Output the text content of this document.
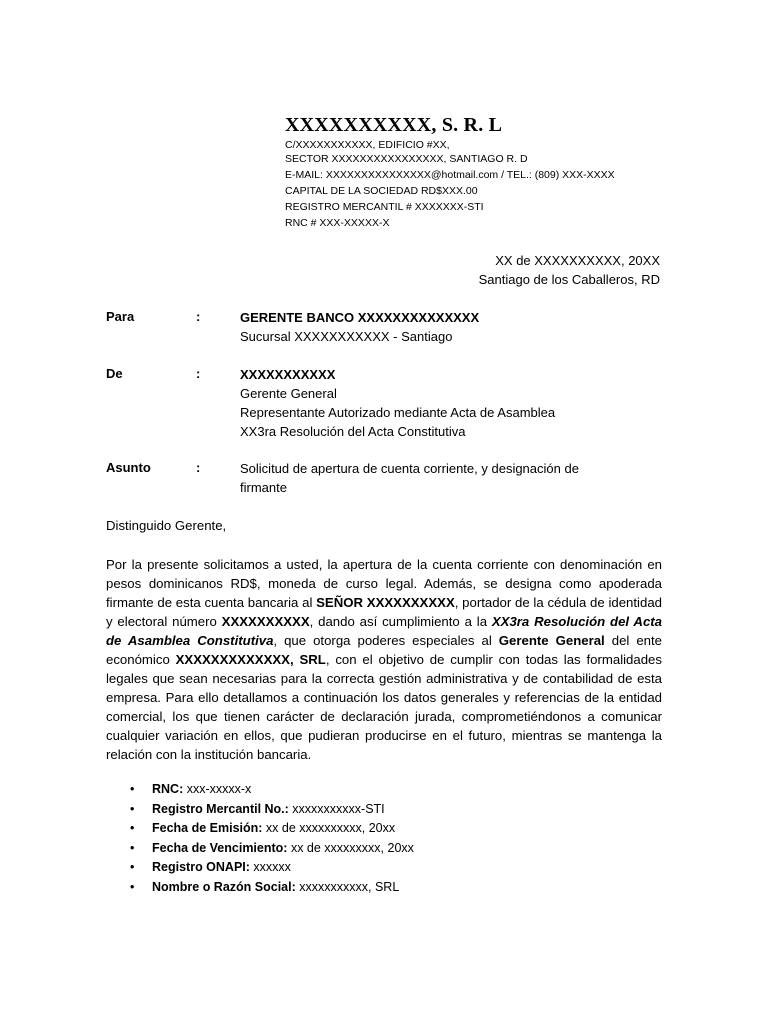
XXXXXXXXXX, S. R. L
C/XXXXXXXXXXX, EDIFICIO #XX,
SECTOR XXXXXXXXXXXXXXXX, SANTIAGO R. D
E-MAIL: XXXXXXXXXXXXXXX@hotmail.com / TEL.: (809) XXX-XXXX
CAPITAL DE LA SOCIEDAD RD$XXX.00
REGISTRO MERCANTIL # XXXXXXX-STI
RNC # XXX-XXXXX-X
XX de XXXXXXXXXX, 20XX
Santiago de los Caballeros, RD
Para	:	GERENTE BANCO XXXXXXXXXXXXXX
Sucursal XXXXXXXXXXX - Santiago
De	:	XXXXXXXXXXX
Gerente General
Representante Autorizado mediante Acta de Asamblea
XX3ra Resolución del Acta Constitutiva
Asunto	:	Solicitud de apertura de cuenta corriente, y designación de
firmante
Distinguido Gerente,
Por la presente solicitamos a usted, la apertura de la cuenta corriente con denominación en pesos dominicanos RD$, moneda de curso legal. Además, se designa como apoderada firmante de esta cuenta bancaria al SEÑOR XXXXXXXXXX, portador de la cédula de identidad y electoral número XXXXXXXXXX, dando así cumplimiento a la XX3ra Resolución del Acta de Asamblea Constitutiva, que otorga poderes especiales al Gerente General del ente económico XXXXXXXXXXXXX, SRL, con el objetivo de cumplir con todas las formalidades legales que sean necesarias para la correcta gestión administrativa y de contabilidad de esta empresa. Para ello detallamos a continuación los datos generales y referencias de la entidad comercial, los que tienen carácter de declaración jurada, comprometiéndonos a comunicar cualquier variación en ellos, que pudieran producirse en el futuro, mientras se mantenga la relación con la institución bancaria.
• RNC: xxx-xxxxx-x
• Registro Mercantil No.: xxxxxxxxxxx-STI
• Fecha de Emisión: xx de xxxxxxxxxx, 20xx
• Fecha de Vencimiento: xx de xxxxxxxxx, 20xx
• Registro ONAPI: xxxxxx
• Nombre o Razón Social: xxxxxxxxxxx, SRL
